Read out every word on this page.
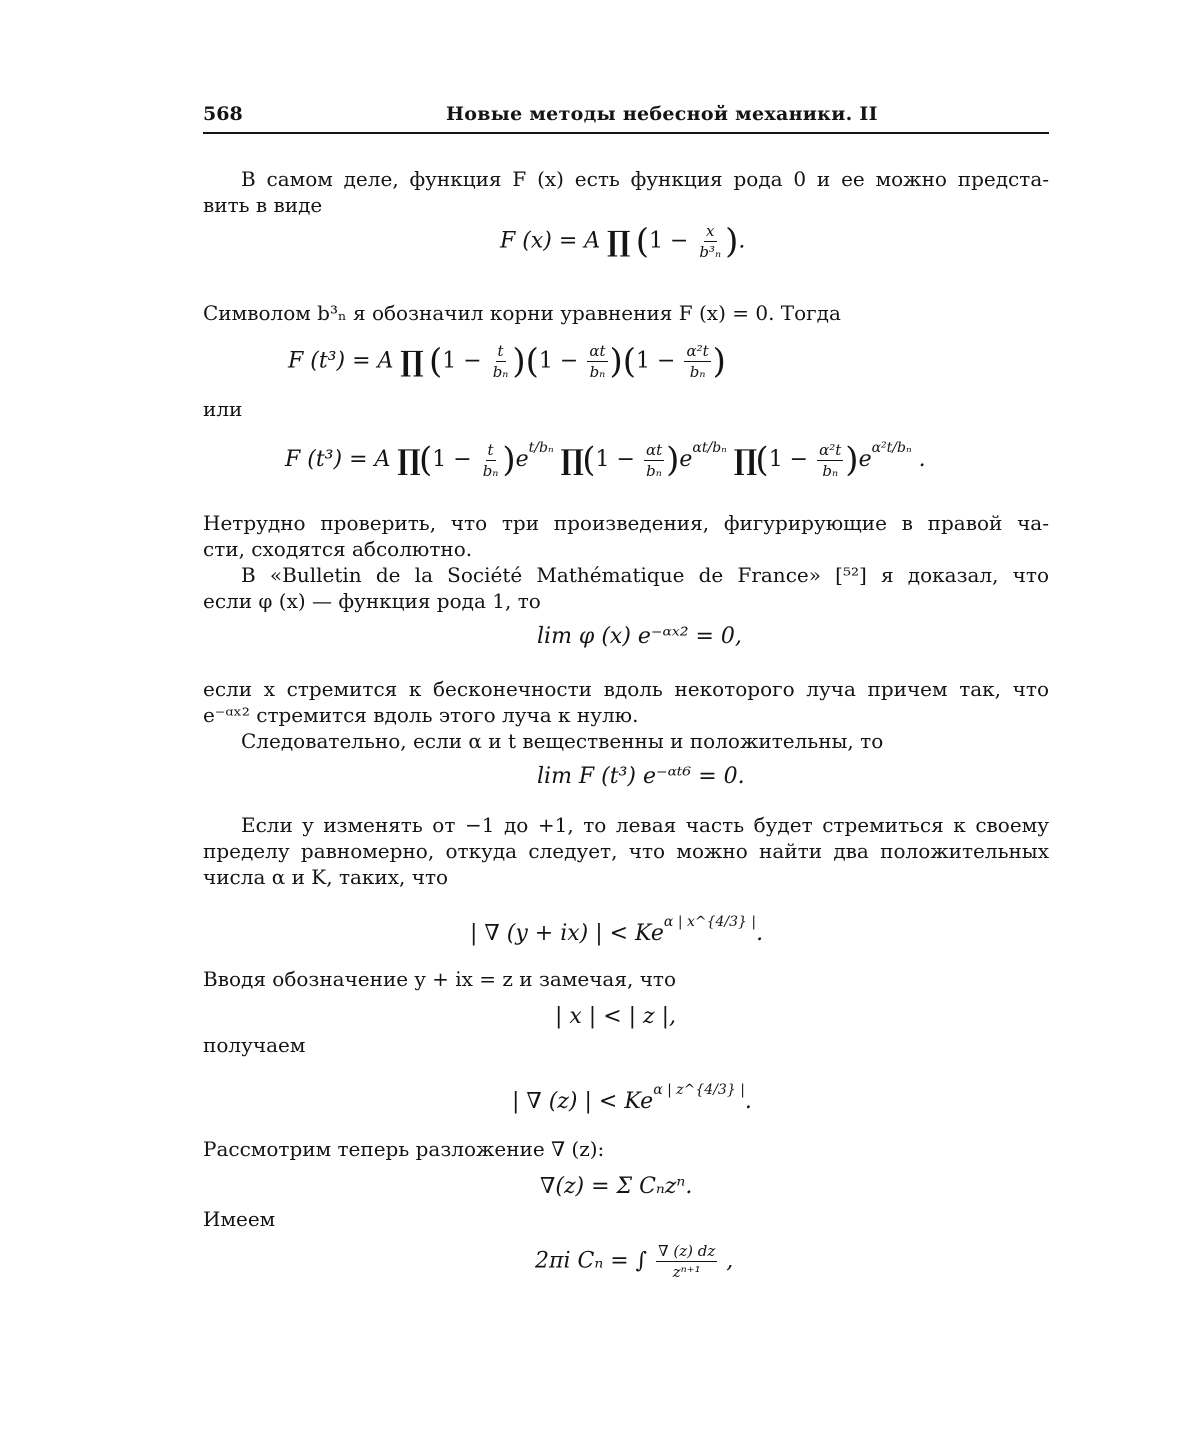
568	Новые методы небесной механики. II
В самом деле, функция F (x) есть функция рода 0 и ее можно предста-
вить в виде
F (x) = A ∏ ($1 - \frac{x}{\text{b³ₙ}}$ ).
Символом b³ₙ я обозначил корни уравнения F (x) = 0. Тогда
F (t³) = A ∏ $(1 - \frac{t}{\text{bₙ}} )(1 - \frac{\alpha t}{\text{bₙ}} )(1 - \frac{\text{α²t}}{\text{bₙ}}$ )
или
F (t³) = A ∏(1 − $\frac{t}{\text{bₙ}} )e^{t/b_n}$ ∏(1 − $\frac{\alpha t}{\text{bₙ}} )e^{\alpha t/b_n}$ ∏(1 − $\frac{\text{α²t}}{\text{bₙ}} )e^{\alpha^2t/b_n}$ .
Нетрудно проверить, что три произведения, фигурирующие в правой ча-
сти, сходятся абсолютно.
В «Bulletin de la Société Mathématique de France» [⁵²] я доказал, что
если φ (x) — функция рода 1, то
lim φ (x) e⁻ᵅˣ² = 0,
если x стремится к бесконечности вдоль некоторого луча причем так, что
e⁻ᵅˣ² стремится вдоль этого луча к нулю.
Следовательно, если α и t вещественны и положительны, то
lim F (t³) e⁻ᵅᵗ⁶ = 0.
Если y изменять от −1 до +1, то левая часть будет стремиться к своему
пределу равномерно, откуда следует, что можно найти два положительных
числа α и K, таких, что
| ∇ (y + ix) | < $Ke^{\alpha | x\^{}\{4/3\} |}$.
Вводя обозначение y + ix = z и замечая, что
| x | < | z |,
получаем
| ∇ (z) | < $Ke^{\alpha | z\^{}\{4/3\} |}$.
Рассмотрим теперь разложение ∇ (z):
∇(z) = Σ Cₙzⁿ.
Имеем
2πi Cₙ = ∫ $\frac{\nabla (z) dz}{\text{zⁿ⁺¹}}$ ,
